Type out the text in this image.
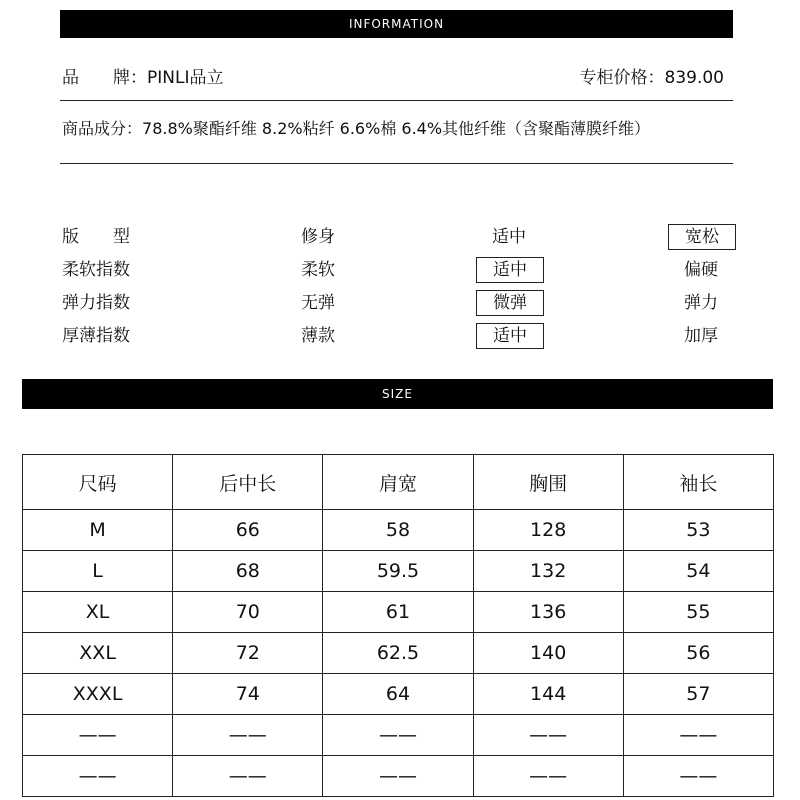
INFORMATION
品　　牌：PINLI品立	专柜价格：839.00
商品成分：78.8%聚酯纤维 8.2%粘纤 6.6%棉 6.4%其他纤维（含聚酯薄膜纤维）
版　　型	修身	适中	宽松
柔软指数	柔软	适中	偏硬
弹力指数	无弹	微弹	弹力
厚薄指数	薄款	适中	加厚
SIZE
尺码	后中长	肩宽	胸围	袖长
M	66	58	128	53
L	68	59.5	132	54
XL	70	61	136	55
XXL	72	62.5	140	56
XXXL	74	64	144	57
——	——	——	——	——
——	——	——	——	——
